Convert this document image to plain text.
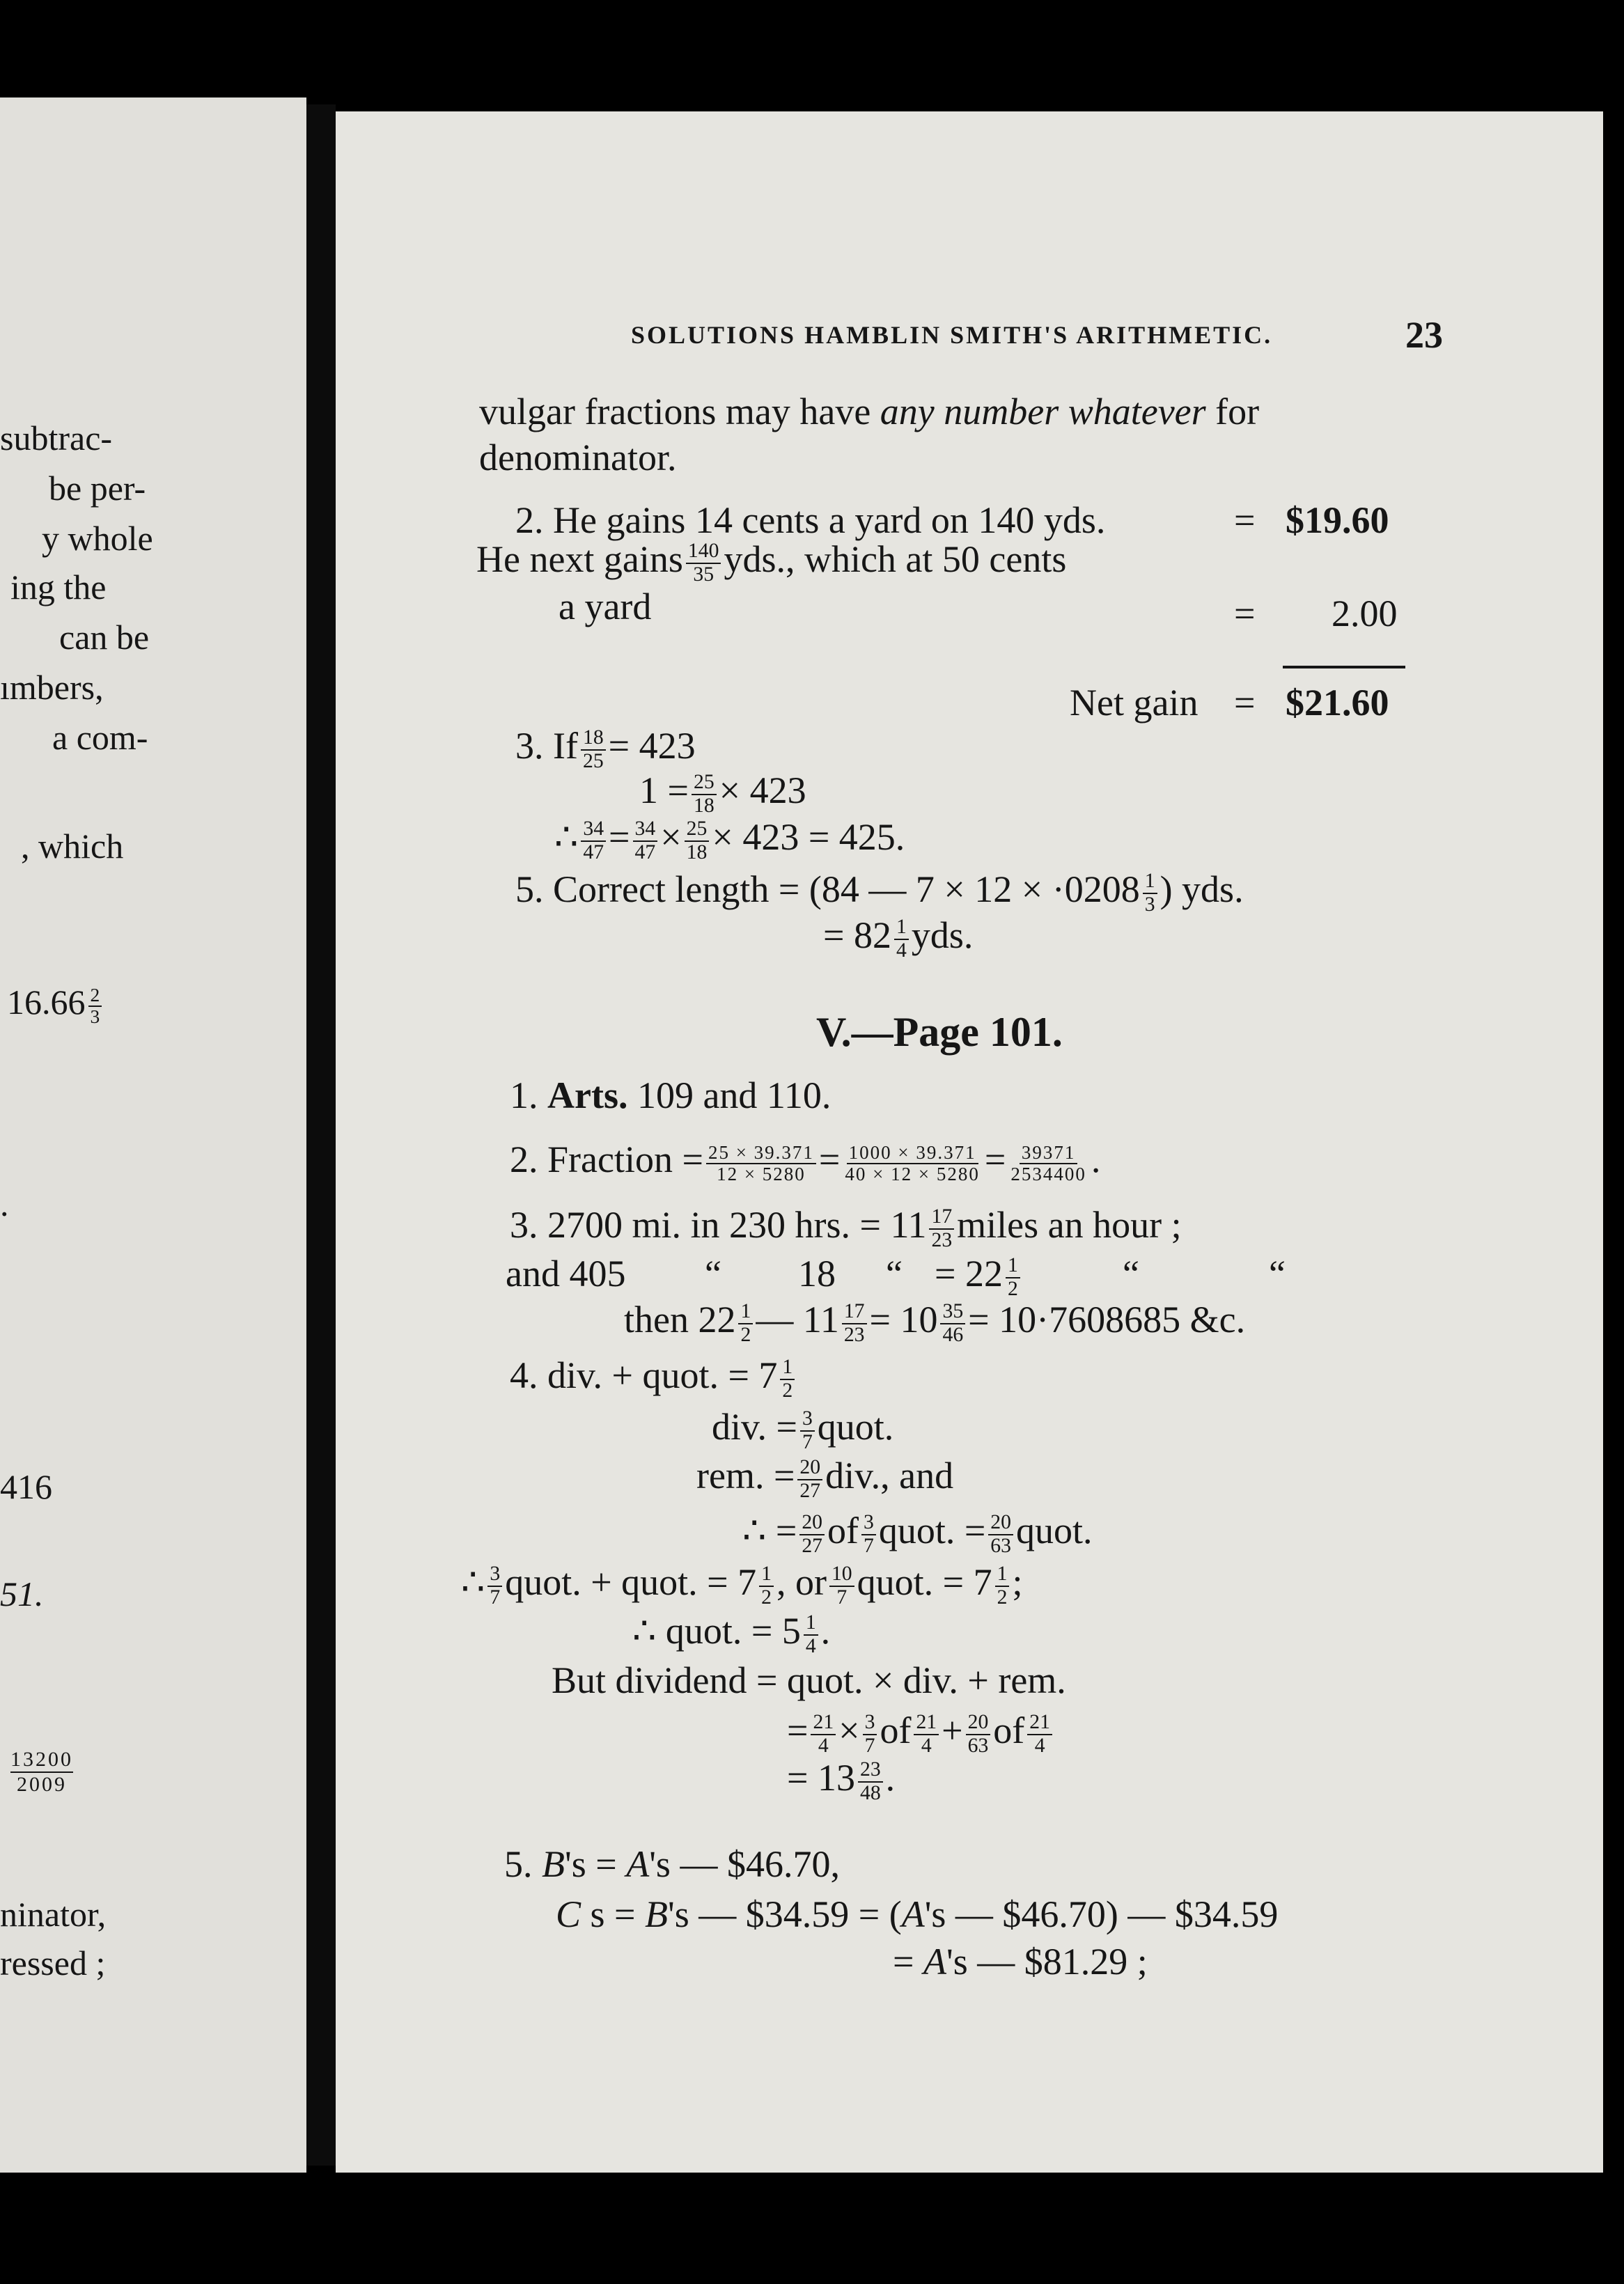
subtrac-
be per-
y whole
ing the
can be
ımbers,
a com-
, which
$16.66 \frac{2}{3}$
.
416
51.
13200
2009
ninator,
ressed ;
SOLUTIONS HAMBLIN SMITH'S ARITHMETIC.	23
vulgar fractions may have any number whatever for
denominator.
2. He gains 14 cents a yard on 140 yds.	= $19.60
He next gains $\frac{140}{35}$ yds., which at 50 cents
a yard	= 2.00
Net gain = $21.60
3. If $\frac{18}{25} = 423$
$1 = \frac{25}{18} \times 423$
∴ $\frac{34}{47} = \frac{34}{47} \times \frac{25}{18} \times 423 = 425$.
5. Correct length = (84 — $7 \times 12 \times \cdot 0208 \frac{1}{3}$ ) yds.
= $82 \frac{1}{4}$ yds.
V.—Page 101.
1. Arts. 109 and 110.
2. Fraction = $\frac{25 \times 39.371}{12 \times 5280} = \frac{1000 \times 39.371}{40 \times 12 \times 5280} = \frac{39371}{2534400}$ .
3. 2700 mi. in 230 hrs. = $11 \frac{17}{23}$ miles an hour ;
and 405 “ 18 “ = $22 \frac{1}{2}$	“	“
then $22 \frac{1}{2}$ — $11 \frac{17}{23} = 10 \frac{35}{46} = 10\cdot 7608685$ &c.
4. div. + quot. = $7 \frac{1}{2}$
div. = $\frac{3}{7}$ quot.
rem. = $\frac{20}{27}$ div., and
∴ = $\frac{20}{27}$ of $\frac{3}{7}$ quot. = $\frac{20}{63}$ quot.
∴ $\frac{3}{7}$ quot. + quot. = $7 \frac{1}{2}$ , or $\frac{10}{7}$ quot. = $7 \frac{1}{2}$ ;
∴ quot. = $5 \frac{1}{4}$ .
But dividend = quot. × div. + rem.
= $\frac{21}{4} \times \frac{3}{7}$ of $\frac{21}{4} + \frac{20}{63}$ of $\frac{21}{4}$
= $13 \frac{23}{48}$ .
5. B's = A's — $46.70,
C s = B's — $34.59 = (A's — $46.70) — $34.59
= A's — $81.29 ;
